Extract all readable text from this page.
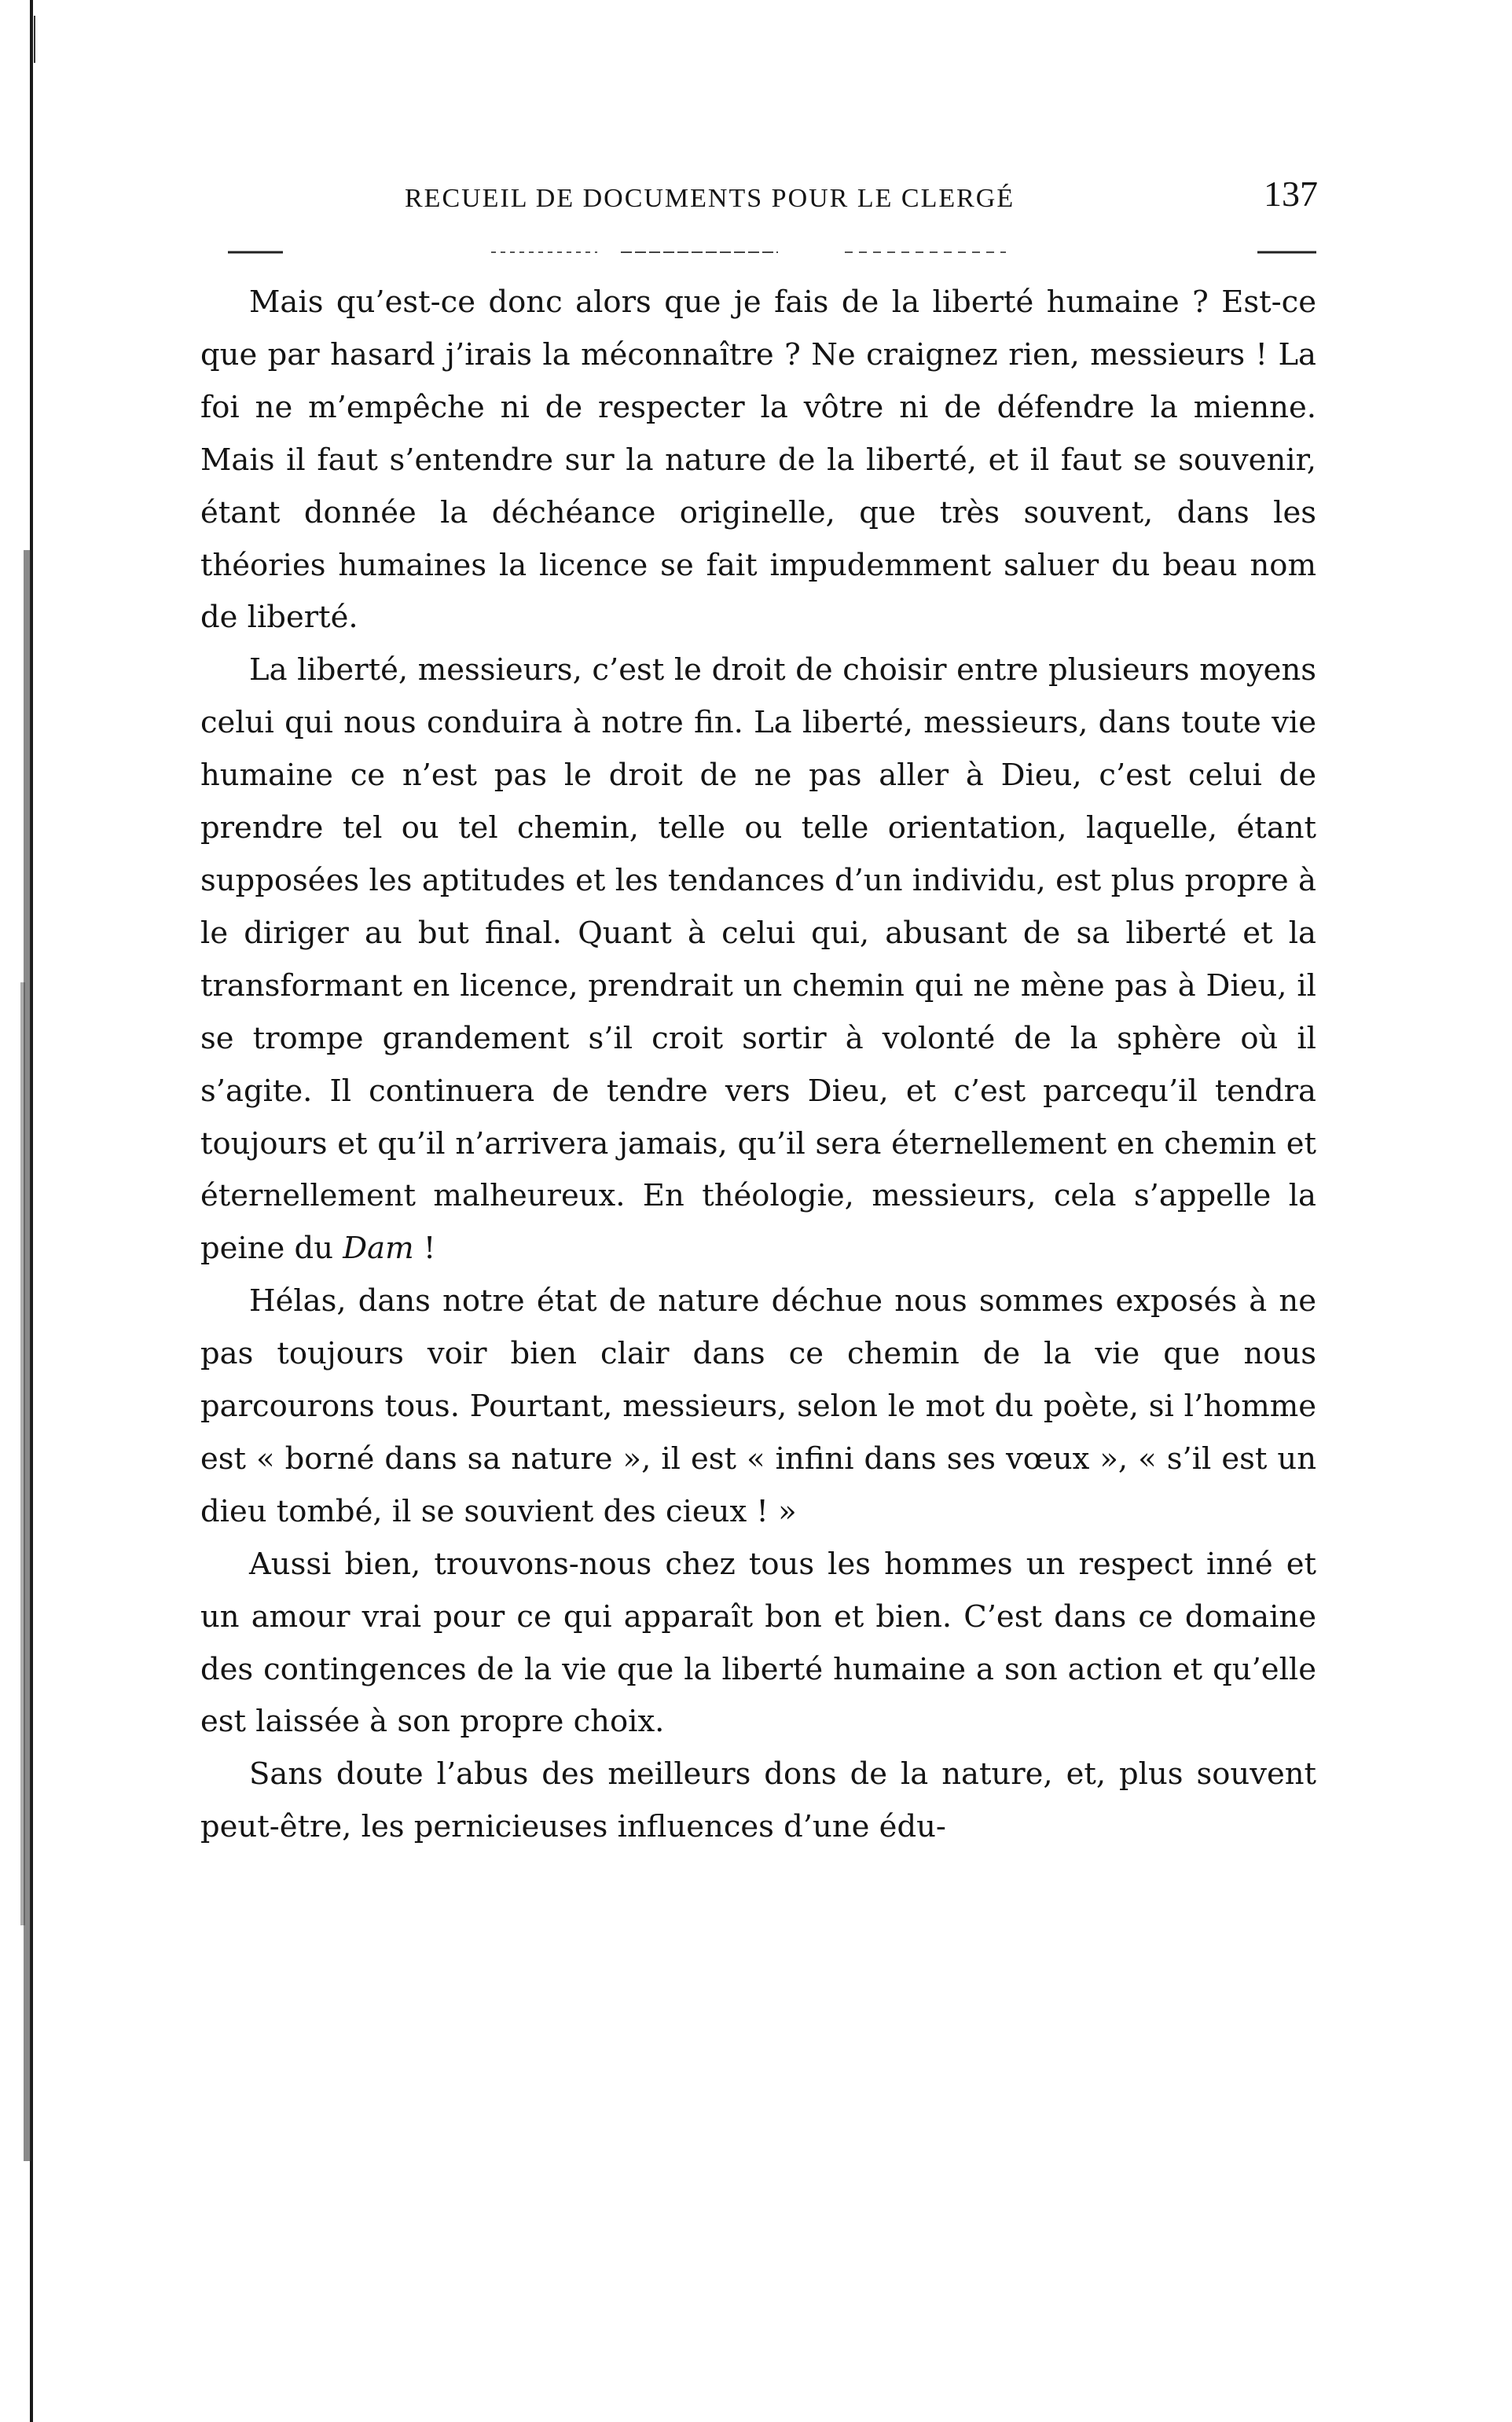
RECUEIL DE DOCUMENTS POUR LE CLERGÉ	137

Mais qu’est-ce donc alors que je fais de la liberté humaine ? Est-ce que par hasard j’irais la méconnaître ? Ne craignez rien, messieurs ! La foi ne m’empêche ni de respecter la vôtre ni de défendre la mienne. Mais il faut s’entendre sur la nature de la liberté, et il faut se souvenir, étant donnée la déchéance originelle, que très souvent, dans les théories humaines la licence se fait impudemment saluer du beau nom de liberté.

La liberté, messieurs, c’est le droit de choisir entre plusieurs moyens celui qui nous conduira à notre fin. La liberté, messieurs, dans toute vie humaine ce n’est pas le droit de ne pas aller à Dieu, c’est celui de prendre tel ou tel chemin, telle ou telle orientation, laquelle, étant supposées les aptitudes et les tendances d’un individu, est plus propre à le diriger au but final. Quant à celui qui, abusant de sa liberté et la transformant en licence, prendrait un chemin qui ne mène pas à Dieu, il se trompe grandement s’il croit sortir à volonté de la sphère où il s’agite. Il continuera de tendre vers Dieu, et c’est parcequ’il tendra toujours et qu’il n’arrivera jamais, qu’il sera éternellement en chemin et éternellement malheureux. En théologie, messieurs, cela s’appelle la peine du Dam !

Hélas, dans notre état de nature déchue nous sommes exposés à ne pas toujours voir bien clair dans ce chemin de la vie que nous parcourons tous. Pourtant, messieurs, selon le mot du poète, si l’homme est « borné dans sa nature », il est « infini dans ses vœux », « s’il est un dieu tombé, il se souvient des cieux ! »

Aussi bien, trouvons-nous chez tous les hommes un respect inné et un amour vrai pour ce qui apparaît bon et bien. C’est dans ce domaine des contingences de la vie que la liberté humaine a son action et qu’elle est laissée à son propre choix.

Sans doute l’abus des meilleurs dons de la nature, et, plus souvent peut-être, les pernicieuses influences d’une édu-
